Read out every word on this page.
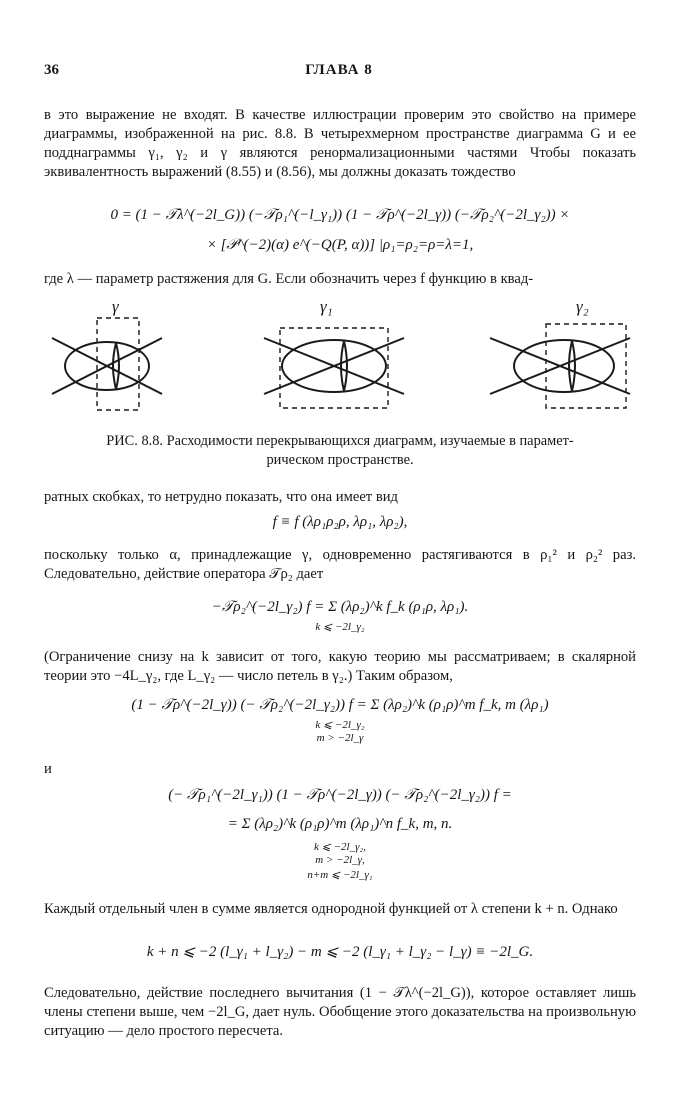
36	ГЛАВА 8
в это выражение не входят. В качестве иллюстрации проверим это свойство на примере диаграммы, изображенной на рис. 8.8. В четырехмерном пространстве диаграмма G и ее подднаграммы γ₁, γ₂ и γ являются ренормализационными частями Чтобы показать эквивалентность выражений (8.55) и (8.56), мы должны доказать тождество
0 = (1 − 𝒯λ^(−2l_G)) (−𝒯ρ₁^(−l_γ₁)) (1 − 𝒯ρ^(−2l_γ)) (−𝒯ρ₂^(−2l_γ₂)) ×
× [𝒫^(−2)(α) e^(−Q(P, α))] |ρ₁=ρ₂=ρ=λ=1,
где λ — параметр растяжения для G. Если обозначить через f функцию в квад-
γ	γ₁	γ₂
РИС. 8.8. Расходимости перекрывающихся диаграмм, изучаемые в парамет-
рическом пространстве.
ратных скобках, то нетрудно показать, что она имеет вид
f ≡ f (λρ₁ρ₂ρ, λρ₁, λρ₂),
поскольку только α, принадлежащие γ, одновременно растягиваются в ρ₁² и ρ₂² раз. Следовательно, действие оператора 𝒯ρ₂ дает
−𝒯ρ₂^(−2l_γ₂) f = Σ (λρ₂)^k f_k (ρ₁ρ, λρ₁).
k ⩽ −2l_γ₂
(Ограничение снизу на k зависит от того, какую теорию мы рассматриваем; в скалярной теории это −4L_γ₂, где L_γ₂ — число петель в γ₂.) Таким образом,
(1 − 𝒯ρ^(−2l_γ)) (− 𝒯ρ₂^(−2l_γ₂)) f = Σ (λρ₂)^k (ρ₁ρ)^m f_k, m (λρ₁)
k ⩽ −2l_γ₂
m > −2l_γ
и
(− 𝒯ρ₁^(−2l_γ₁)) (1 − 𝒯ρ^(−2l_γ)) (− 𝒯ρ₂^(−2l_γ₂)) f =
= Σ (λρ₂)^k (ρ₁ρ)^m (λρ₁)^n f_k, m, n.
k ⩽ −2l_γ₂,
m > −2l_γ,
n+m ⩽ −2l_γ₁
Каждый отдельный член в сумме является однородной функцией от λ степени k + n. Однако
k + n ⩽ −2 (l_γ₁ + l_γ₂) − m ⩽ −2 (l_γ₁ + l_γ₂ − l_γ) ≡ −2l_G.
Следовательно, действие последнего вычитания (1 − 𝒯λ^(−2l_G)), которое оставляет лишь члены степени выше, чем −2l_G, дает нуль. Обобщение этого доказательства на произвольную ситуацию — дело простого пересчета.
